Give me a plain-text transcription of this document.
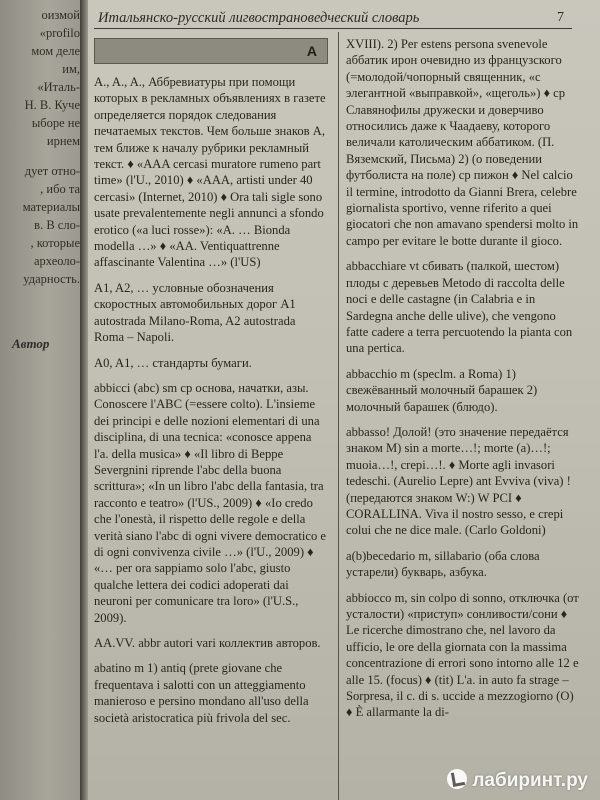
оизмой
«profilo
мом деле
им,
«Италь-
Н. В. Куче
ыборе не
ирнем
дует отно-
, ибо та
материалы
в. В сло-
, которые
археоло-
ударность.
Автор
Итальянско-русский лигвострановедческий словарь	7
A

A., A., A., Аббревиатуры при помощи которых в рекламных объявлениях в газете определяется порядок следования печатаемых текстов. Чем больше знаков A, тем ближе к началу рубрики рекламный текст. ♦ «AAA cercasi muratore rumeno part time» (l'U., 2010) ♦ «AAA, artisti under 40 cercasi» (Internet, 2010) ♦ Ora tali sigle sono usate prevalentemente negli annunci a sfondo erotico («a luci rosse»): «A. … Bionda modella …» ♦ «AA. Ventiquattrenne affascinante Valentina …» (l'US)

A1, A2, … условные обозначения скоростных автомобильных дорог A1 autostrada Milano‑Roma, A2 autostrada Roma – Napoli.

A0, A1, … стандарты бумаги.

abbicci (abc) sm cp основа, начатки, азы. Conoscere l'ABC (=essere colto). L'insieme dei principi e delle nozioni elementari di una disciplina, di una tecnica: «conosce appena l'a. della musica» ♦ «Il libro di Beppe Severgnini riprende l'abc della buona scrittura»; «In un libro l'abc della fantasia, tra racconto e teatro» (l'US., 2009) ♦ «Io credo che l'onestà, il rispetto delle regole e della verità siano l'abc di ogni vivere democratico e di ogni convivenza civile …» (l'U., 2009) ♦ «… per ora sappiamo solo l'abc, giusto qualche lettera dei codici adoperati dai neuroni per comunicare tra loro» (l'U.S., 2009).

AA.VV. abbr autori vari коллектив авторов.

abatino m 1) antiq (prete giovane che frequentava i salotti con un atteggiamento manieroso e persino mondano all'uso della società aristocratica più frivola del sec.

XVIII). 2) Per estens persona svenevole аббатик ирон очевидно из французского (=молодой/чопорный священник, «с элегантной «выправкой», «щеголь») ♦ cp Славянофилы дружески и доверчиво относились даже к Чаадаеву, которого величали католическим аббатиком. (П. Вяземский, Письма) 2) (о поведении футболиста на поле) cp пижон ♦ Nel calcio il termine, introdotto da Gianni Brera, celebre giornalista sportivo, venne riferito a quei giocatori che non amavano spendersi molto in campo per evitare le botte durante il gioco.

abbacchiare vt сбивать (палкой, шестом) плоды с деревьев Metodo di raccolta delle noci e delle castagne (in Calabria e in Sardegna anche delle ulive), che vengono fatte cadere a terra percuotendo la pianta con una pertica.

abbacchio m (speclm. a Roma) 1) свежёванный молочный барашек 2) молочный барашек (блюдо).

abbasso! Долой! (это значение передаётся знаком M) sin a morte…!; morte (a)…!; muoia…!, crepi…!. ♦ Morte agli invasori tedeschi. (Aurelio Lepre) ant Evviva (viva) ! (передаются знаком W:) W PCI ♦ CORALLINA. Viva il nostro sesso, e crepi colui che ne dice male. (Carlo Goldoni)

a(b)becedario m, sillabario (оба слова устарели) букварь, азбука.

abbiocco m, sin colpo di sonno, отключка (от усталости) «приступ» сонливости/сони ♦ Le ricerche dimostrano che, nel lavoro da ufficio, le ore della giornata con la massima concentrazione di errori sono intorno alle 12 e alle 15. (focus) ♦ (tit) L'a. in auto fa strage – Sorpresa, il c. di s. uccide a mezzogiorno (O) ♦ È allarmante la di-

лабиринт.ру
